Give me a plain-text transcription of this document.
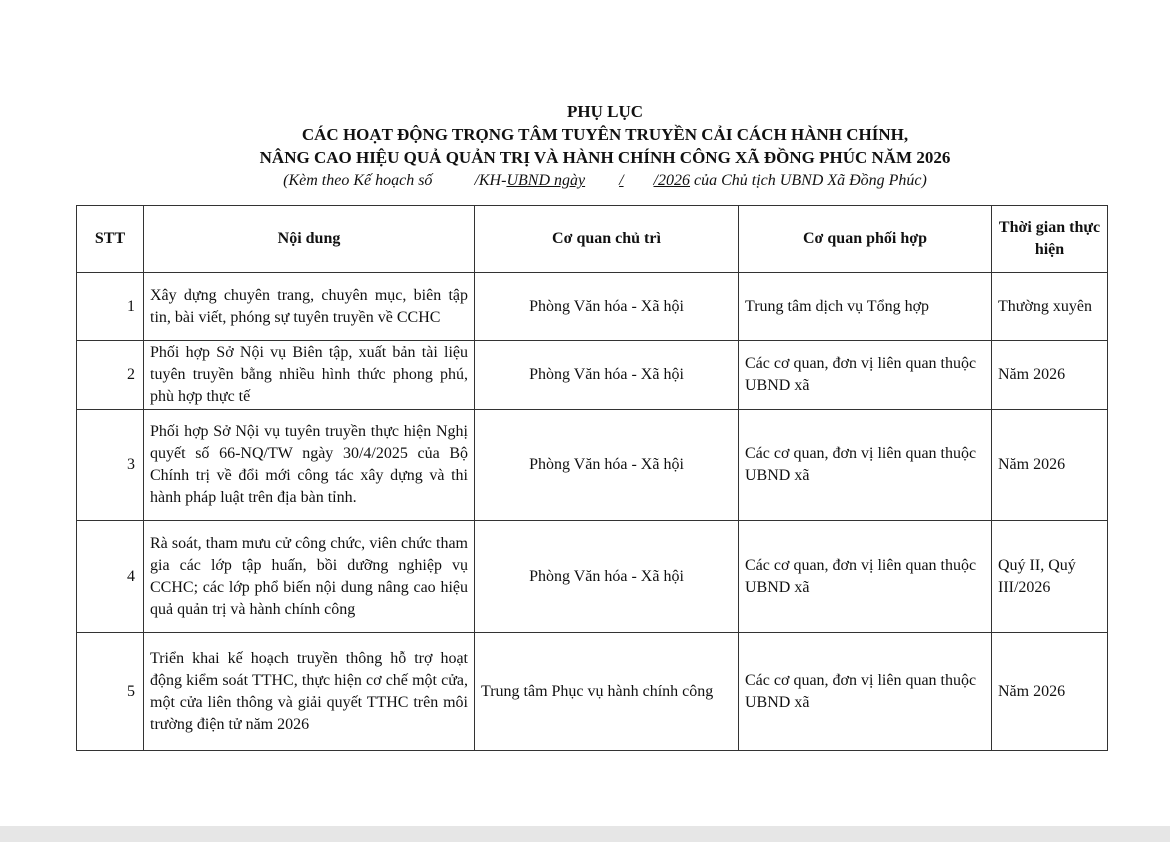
PHỤ LỤC
CÁC HOẠT ĐỘNG TRỌNG TÂM TUYÊN TRUYỀN CẢI CÁCH HÀNH CHÍNH,
NÂNG CAO HIỆU QUẢ QUẢN TRỊ VÀ HÀNH CHÍNH CÔNG XÃ ĐỒNG PHÚC NĂM 2026
(Kèm theo Kế hoạch số	/KH-UBND ngày / /2026 của Chủ tịch UBND Xã Đồng Phúc)
STT	Nội dung	Cơ quan chủ trì	Cơ quan phối hợp	Thời gian thực hiện
1	Xây dựng chuyên trang, chuyên mục, biên tập tin, bài viết, phóng sự tuyên truyền về CCHC	Phòng Văn hóa - Xã hội	Trung tâm dịch vụ Tổng hợp	Thường xuyên
2	Phối hợp Sở Nội vụ Biên tập, xuất bản tài liệu tuyên truyền bằng nhiều hình thức phong phú, phù hợp thực tế	Phòng Văn hóa - Xã hội	Các cơ quan, đơn vị liên quan thuộc UBND xã	Năm 2026
3	Phối hợp Sở Nội vụ tuyên truyền thực hiện Nghị quyết số 66-NQ/TW ngày 30/4/2025 của Bộ Chính trị về đổi mới công tác xây dựng và thi hành pháp luật trên địa bàn tỉnh.	Phòng Văn hóa - Xã hội	Các cơ quan, đơn vị liên quan thuộc UBND xã	Năm 2026
4	Rà soát, tham mưu cử công chức, viên chức tham gia các lớp tập huấn, bồi dưỡng nghiệp vụ CCHC; các lớp phổ biến nội dung nâng cao hiệu quả quản trị và hành chính công	Phòng Văn hóa - Xã hội	Các cơ quan, đơn vị liên quan thuộc UBND xã	Quý II, Quý III/2026
5	Triển khai kế hoạch truyền thông hỗ trợ hoạt động kiểm soát TTHC, thực hiện cơ chế một cửa, một cửa liên thông và giải quyết TTHC trên môi trường điện tử năm 2026	Trung tâm Phục vụ hành chính công	Các cơ quan, đơn vị liên quan thuộc UBND xã	Năm 2026
